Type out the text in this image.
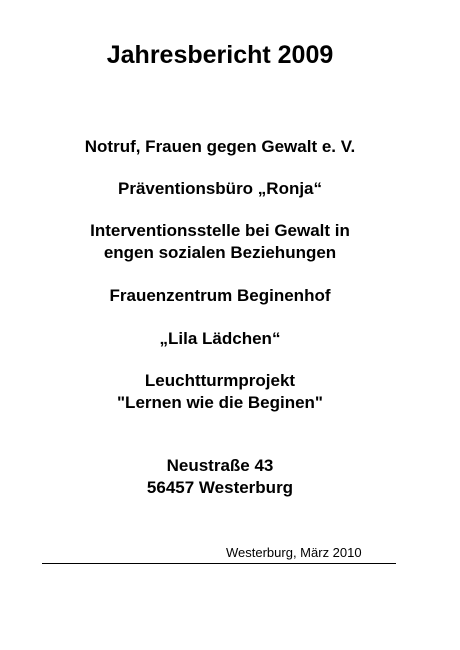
Jahresbericht 2009
Notruf, Frauen gegen Gewalt e. V.
Präventionsbüro „Ronja“
Interventionsstelle bei Gewalt in
engen sozialen Beziehungen
Frauenzentrum Beginenhof
„Lila Lädchen“
Leuchtturmprojekt
"Lernen wie die Beginen"
Neustraße 43
56457 Westerburg
Westerburg, März 2010
